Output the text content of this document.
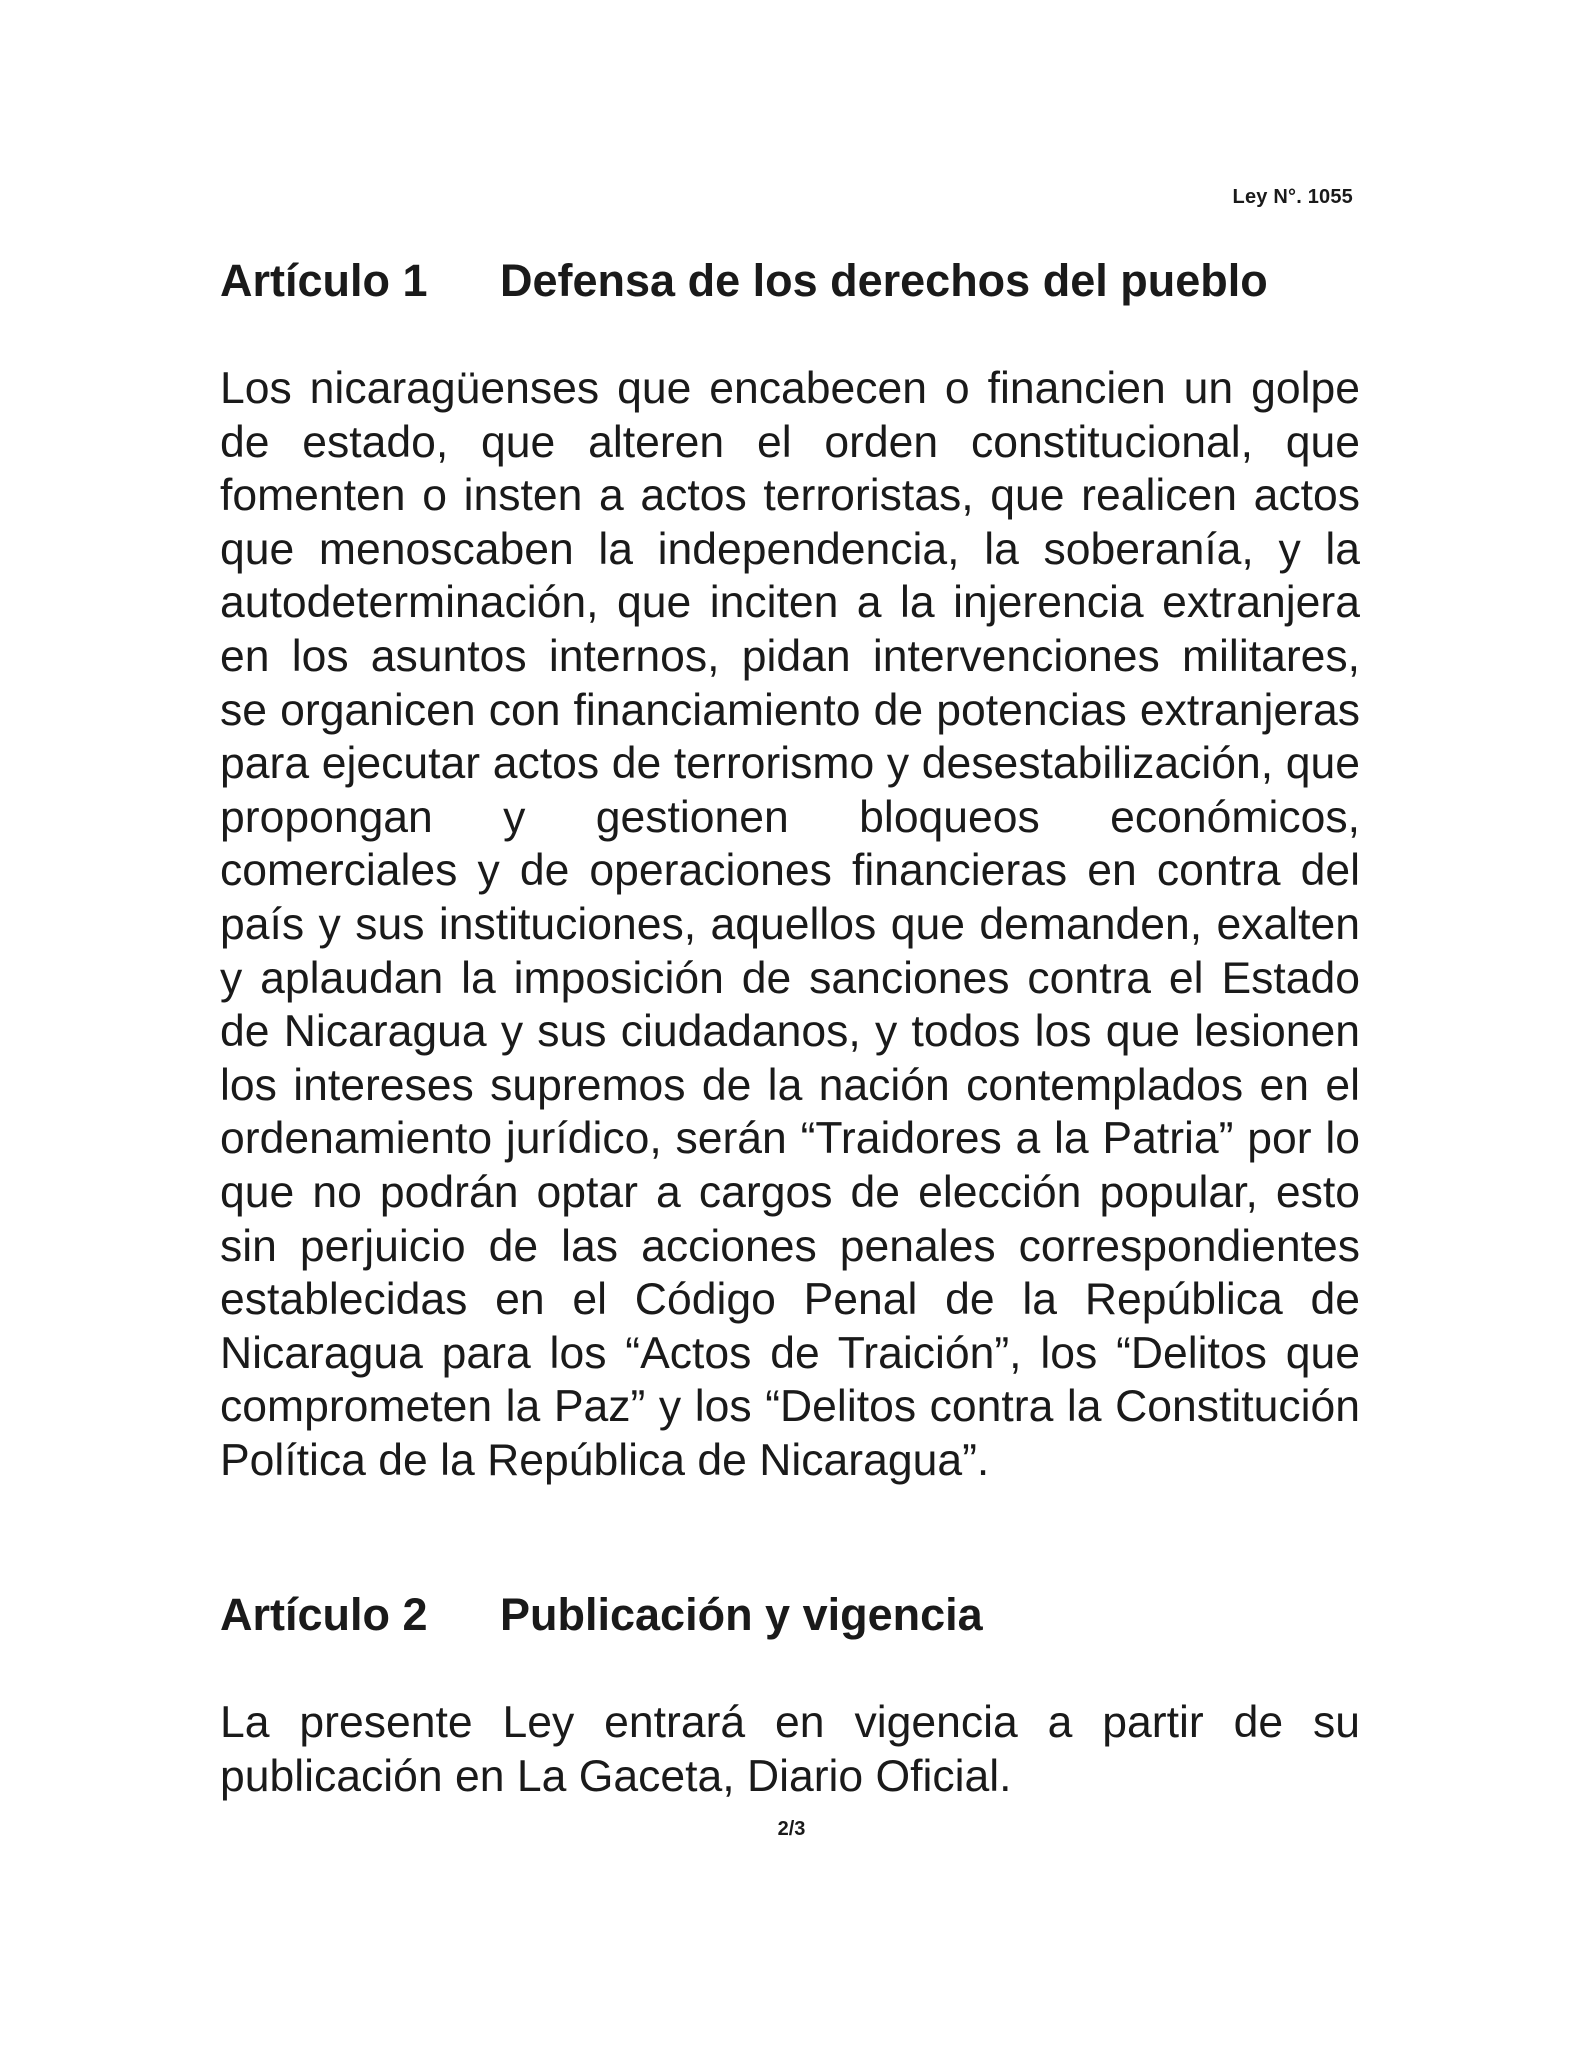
Ley N°. 1055
Artículo 1 Defensa de los derechos del pueblo

Los nicaragüenses que encabecen o financien un golpe de estado, que alteren el orden constitucional, que fomenten o insten a actos terroristas, que realicen actos que menoscaben la independencia, la soberanía, y la autodeterminación, que inciten a la injerencia extranjera en los asuntos internos, pidan intervenciones militares, se organicen con financiamiento de potencias extranjeras para ejecutar actos de terrorismo y desestabilización, que propongan y gestionen bloqueos económicos, comerciales y de operaciones financieras en contra del país y sus instituciones, aquellos que demanden, exalten y aplaudan la imposición de sanciones contra el Estado de Nicaragua y sus ciudadanos, y todos los que lesionen los intereses supremos de la nación contemplados en el ordenamiento jurídico, serán “Traidores a la Patria” por lo que no podrán optar a cargos de elección popular, esto sin perjuicio de las acciones penales correspondientes establecidas en el Código Penal de la República de Nicaragua para los “Actos de Traición”, los “Delitos que comprometen la Paz” y los “Delitos contra la Constitución Política de la República de Nicaragua”.

Artículo 2 Publicación y vigencia

La presente Ley entrará en vigencia a partir de su publicación en La Gaceta, Diario Oficial.

2/3
